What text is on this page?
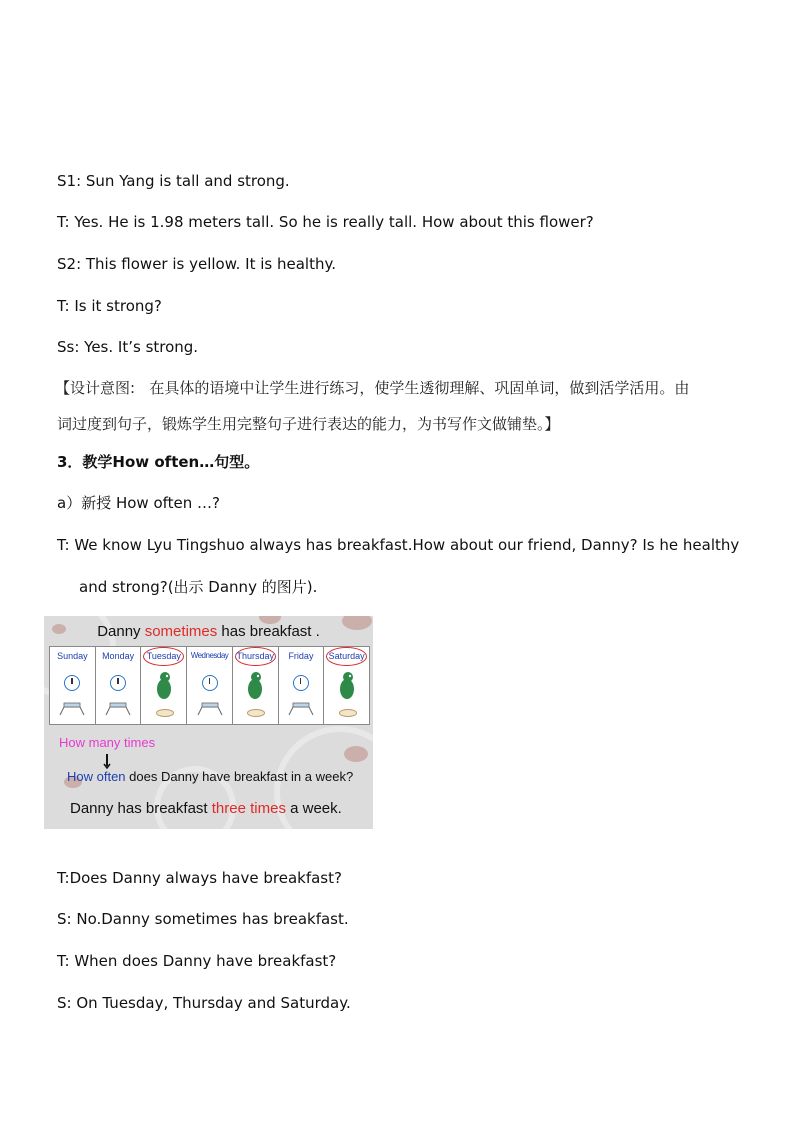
S1: Sun Yang is tall and strong.
T: Yes. He is 1.98 meters tall. So he is really tall. How about this flower?
S2: This flower is yellow. It is healthy.
T: Is it strong?
Ss: Yes. It’s strong.
【设计意图: 在具体的语境中让学生进行练习，使学生透彻理解、巩固单词，做到活学活用。由
词过度到句子，锻炼学生用完整句子进行表达的能力，为书写作文做铺垫。】
3．教学How often…句型。
a）新授 How often …?
T: We know Lyu Tingshuo always has breakfast.How about our friend, Danny? Is he healthy
and strong?(出示 Danny 的图片).
Danny sometimes has breakfast .
Sunday	Monday	Tuesday	Wednesday Thursday	Friday	Saturday
How many times
How often does Danny have breakfast in a week?
Danny has breakfast three times a week.
T:Does Danny always have breakfast?
S: No.Danny sometimes has breakfast.
T: When does Danny have breakfast?
S: On Tuesday, Thursday and Saturday.
